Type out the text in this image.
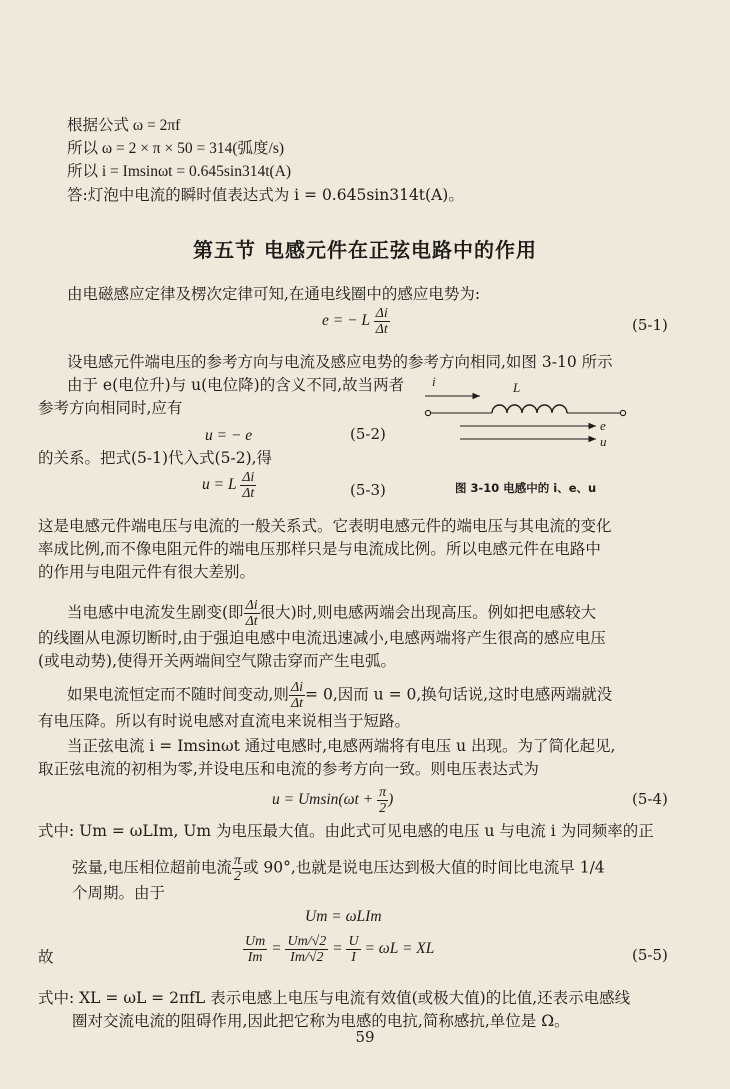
根据公式 ω = 2πf
所以 ω = 2 × π × 50 = 314(弧度/s)
所以 i = Imsinωt = 0.645sin314t(A)
答:灯泡中电流的瞬时值表达式为 i = 0.645sin314t(A)。
第五节 电感元件在正弦电路中的作用
由电磁感应定律及楞次定律可知,在通电线圈中的感应电势为:
e = − L $\frac{\Delta i}{\Delta t}$	(5-1)
设电感元件端电压的参考方向与电流及感应电势的参考方向相同,如图 3-10 所示
由于 e(电位升)与 u(电位降)的含义不同,故当两者
参考方向相同时,应有
u = − e	(5-2)
的关系。把式(5-1)代入式(5-2),得
u = L $\frac{\Delta i}{\Delta t}$	(5-3)
i	L
e
u
图 3-10 电感中的 i、e、u
这是电感元件端电压与电流的一般关系式。它表明电感元件的端电压与其电流的变化
率成比例,而不像电阻元件的端电压那样只是与电流成比例。所以电感元件在电路中
的作用与电阻元件有很大差别。
当电感中电流发生剧变(即 $\frac{\Delta i}{\Delta t}$ 很大)时,则电感两端会出现高压。例如把电感较大
的线圈从电源切断时,由于强迫电感中电流迅速减小,电感两端将产生很高的感应电压
(或电动势),使得开关两端间空气隙击穿而产生电弧。
如果电流恒定而不随时间变动,则 $\frac{\Delta i}{\Delta t} = 0$,因而 u = 0,换句话说,这时电感两端就没
有电压降。所以有时说电感对直流电来说相当于短路。
当正弦电流 i = Imsinωt 通过电感时,电感两端将有电压 u 出现。为了简化起见,
取正弦电流的初相为零,并设电压和电流的参考方向一致。则电压表达式为
$u = Umsin(\omega t + \frac{\pi}{2}$ )	(5-4)
式中: Um = ωLIm, Um 为电压最大值。由此式可见电感的电压 u 与电流 i 为同频率的正
弦量,电压相位超前电流 $\frac{\pi}{2}$ 或 90°,也就是说电压达到极大值的时间比电流早 1/4
个周期。由于
Um = ωLIm
故	$\frac{Um}{Im} = \frac{Um/√2}{Im/√2} = \frac{U}{I} = \omega L$ = XL	(5-5)
式中: XL = ωL = 2πfL 表示电感上电压与电流有效值(或极大值)的比值,还表示电感线
圈对交流电流的阻碍作用,因此把它称为电感的电抗,简称感抗,单位是 Ω。
59
